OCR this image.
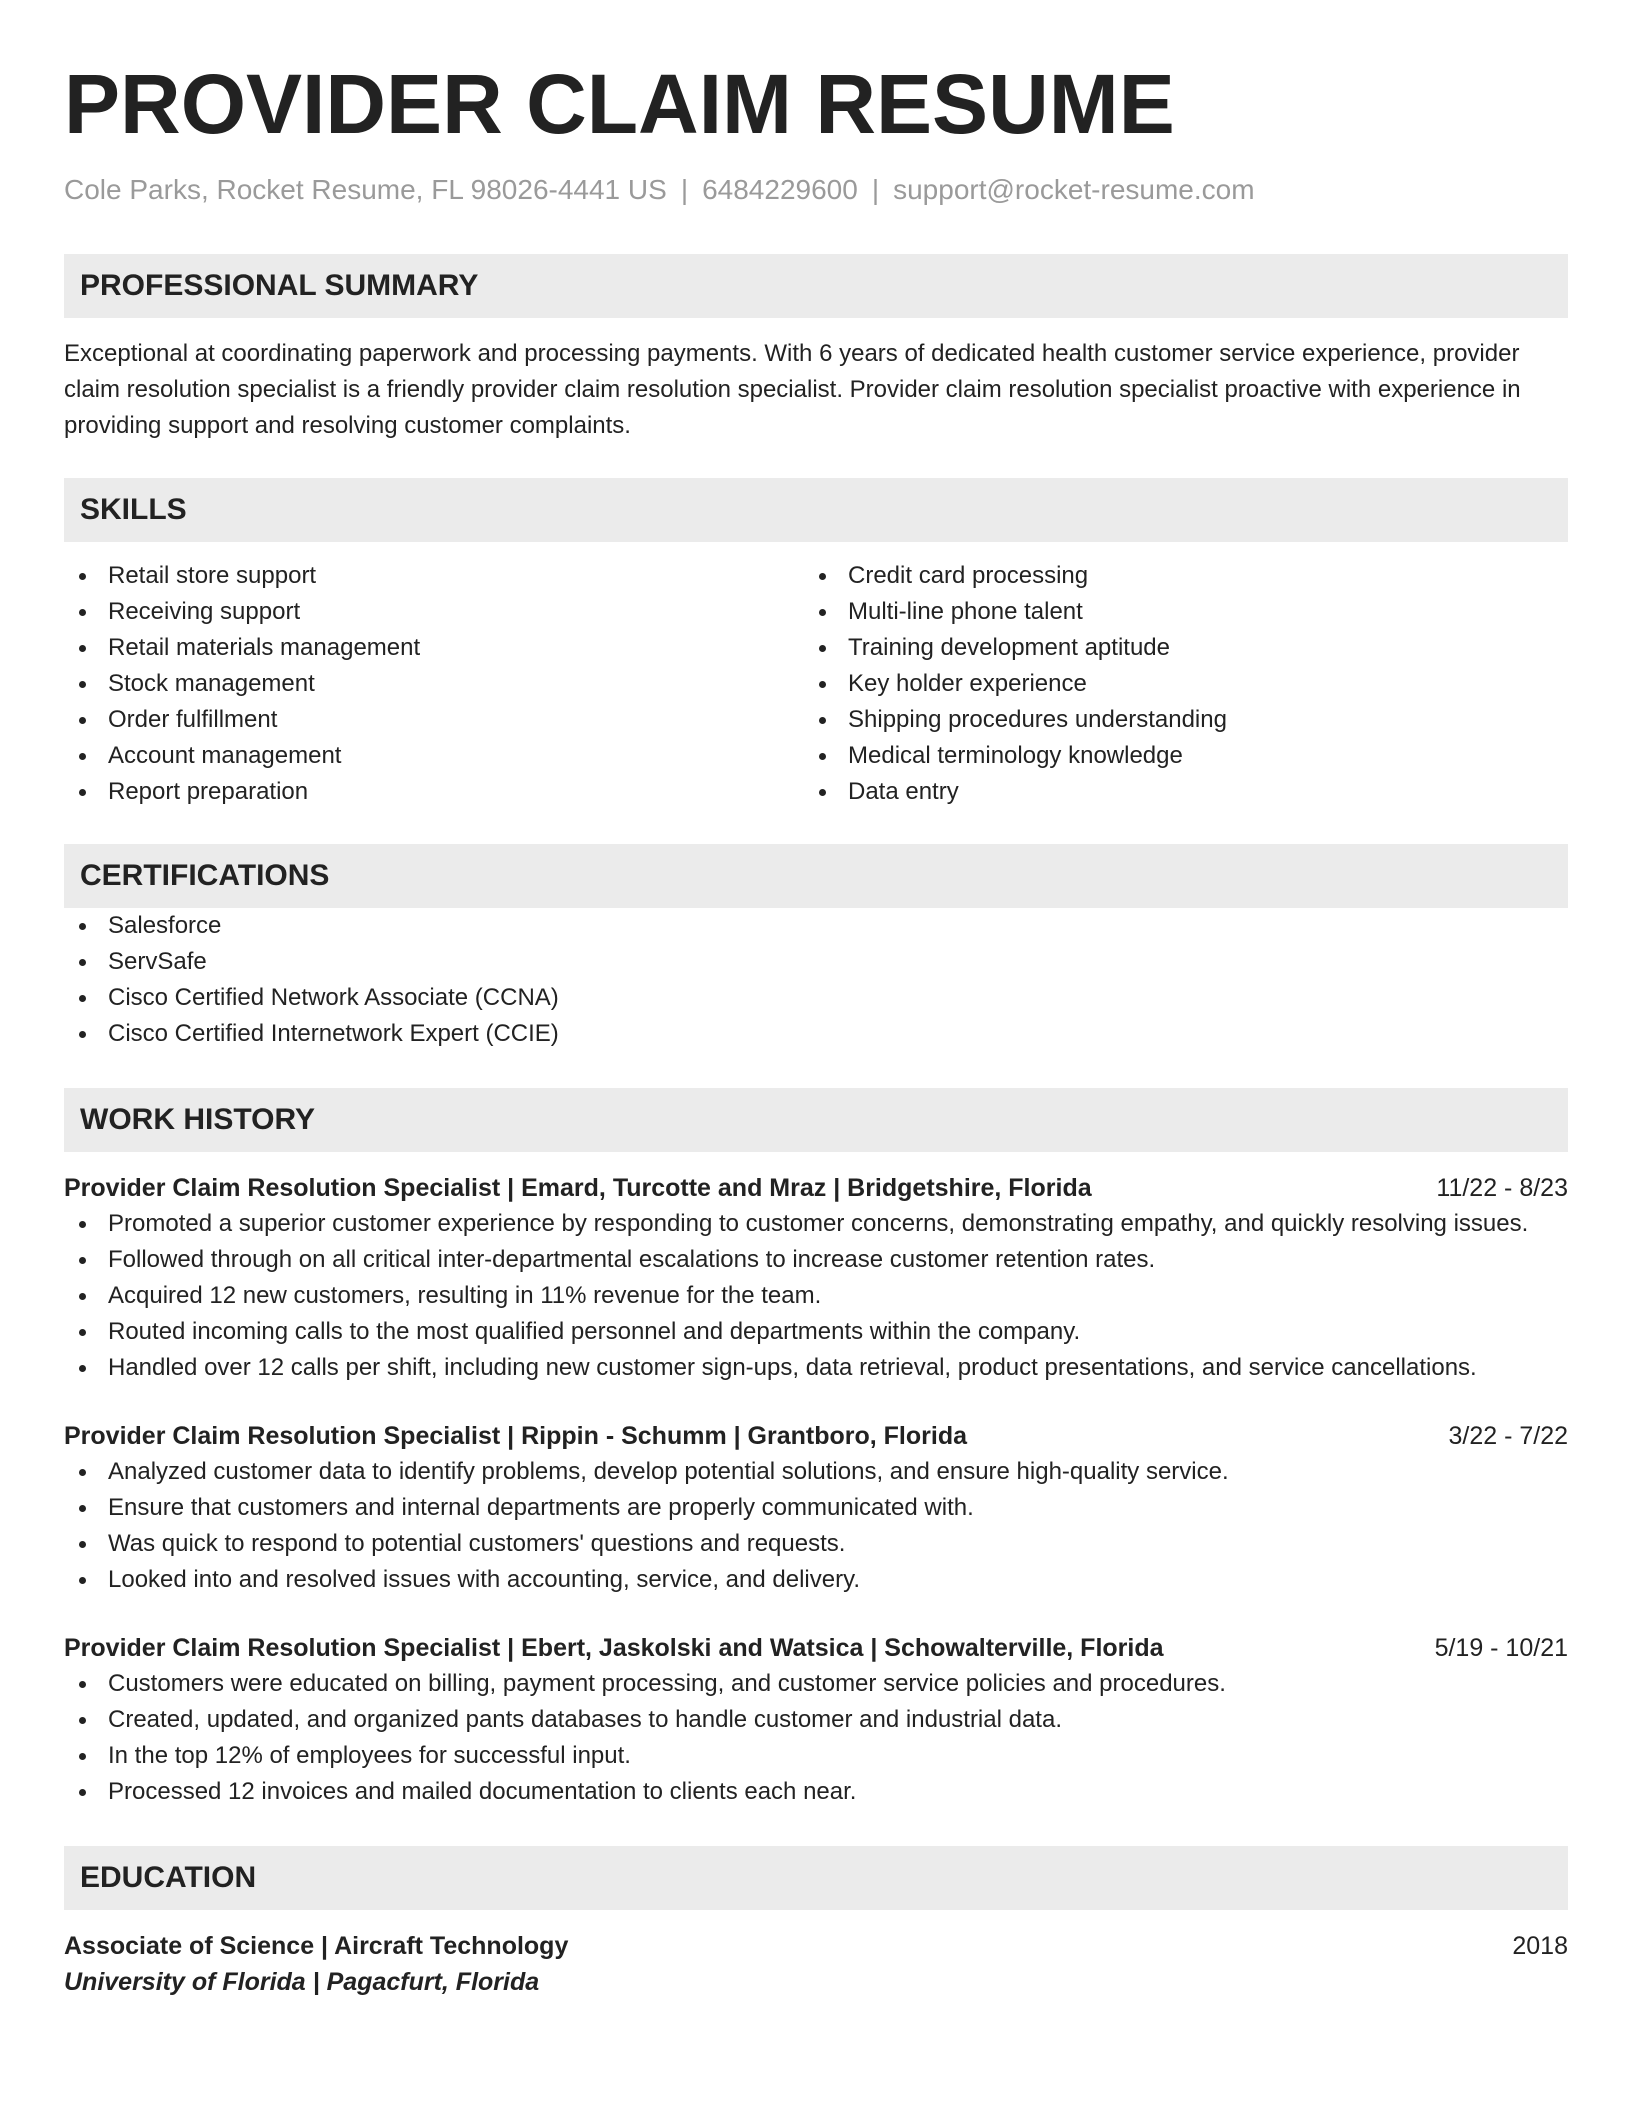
PROVIDER CLAIM RESUME
Cole Parks, Rocket Resume, FL 98026-4441 US | 6484229600 | support@rocket-resume.com
PROFESSIONAL SUMMARY
Exceptional at coordinating paperwork and processing payments. With 6 years of dedicated health customer service experience, provider claim resolution specialist is a friendly provider claim resolution specialist. Provider claim resolution specialist proactive with experience in providing support and resolving customer complaints.
SKILLS
Retail store support
Receiving support
Retail materials management
Stock management
Order fulfillment
Account management
Report preparation
Credit card processing
Multi-line phone talent
Training development aptitude
Key holder experience
Shipping procedures understanding
Medical terminology knowledge
Data entry
CERTIFICATIONS
Salesforce
ServSafe
Cisco Certified Network Associate (CCNA)
Cisco Certified Internetwork Expert (CCIE)
WORK HISTORY
Provider Claim Resolution Specialist | Emard, Turcotte and Mraz | Bridgetshire, Florida	11/22 - 8/23
Promoted a superior customer experience by responding to customer concerns, demonstrating empathy, and quickly resolving issues.
Followed through on all critical inter-departmental escalations to increase customer retention rates.
Acquired 12 new customers, resulting in 11% revenue for the team.
Routed incoming calls to the most qualified personnel and departments within the company.
Handled over 12 calls per shift, including new customer sign-ups, data retrieval, product presentations, and service cancellations.
Provider Claim Resolution Specialist | Rippin - Schumm | Grantboro, Florida	3/22 - 7/22
Analyzed customer data to identify problems, develop potential solutions, and ensure high-quality service.
Ensure that customers and internal departments are properly communicated with.
Was quick to respond to potential customers' questions and requests.
Looked into and resolved issues with accounting, service, and delivery.
Provider Claim Resolution Specialist | Ebert, Jaskolski and Watsica | Schowalterville, Florida	5/19 - 10/21
Customers were educated on billing, payment processing, and customer service policies and procedures.
Created, updated, and organized pants databases to handle customer and industrial data.
In the top 12% of employees for successful input.
Processed 12 invoices and mailed documentation to clients each near.
EDUCATION
Associate of Science | Aircraft Technology	2018
University of Florida | Pagacfurt, Florida
